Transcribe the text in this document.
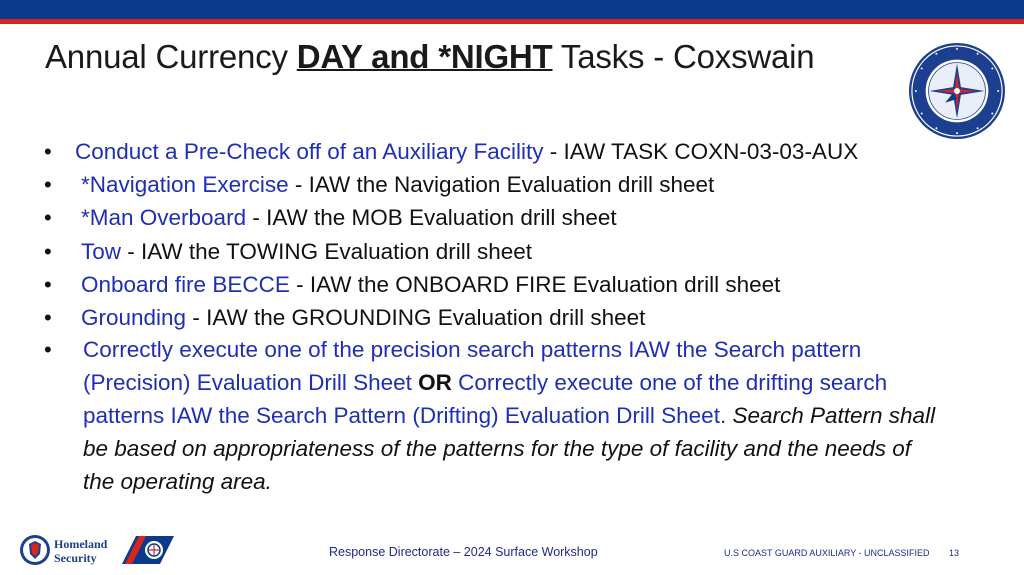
Annual Currency DAY and *NIGHT Tasks - Coxswain
• Conduct a Pre-Check off of an Auxiliary Facility - IAW TASK COXN-03-03-AUX
• *Navigation Exercise - IAW the Navigation Evaluation drill sheet
• *Man Overboard - IAW the MOB Evaluation drill sheet
• Tow - IAW the TOWING Evaluation drill sheet
• Onboard fire BECCE - IAW the ONBOARD FIRE Evaluation drill sheet
• Grounding - IAW the GROUNDING Evaluation drill sheet
• Correctly execute one of the precision search patterns IAW the Search pattern (Precision) Evaluation Drill Sheet OR Correctly execute one of the drifting search patterns IAW the Search Pattern (Drifting) Evaluation Drill Sheet. Search Pattern shall be based on appropriateness of the patterns for the type of facility and the needs of the operating area.
Homeland
Security	Response Directorate – 2024 Surface Workshop	U.S COAST GUARD AUXILIARY - UNCLASSIFIED 13
